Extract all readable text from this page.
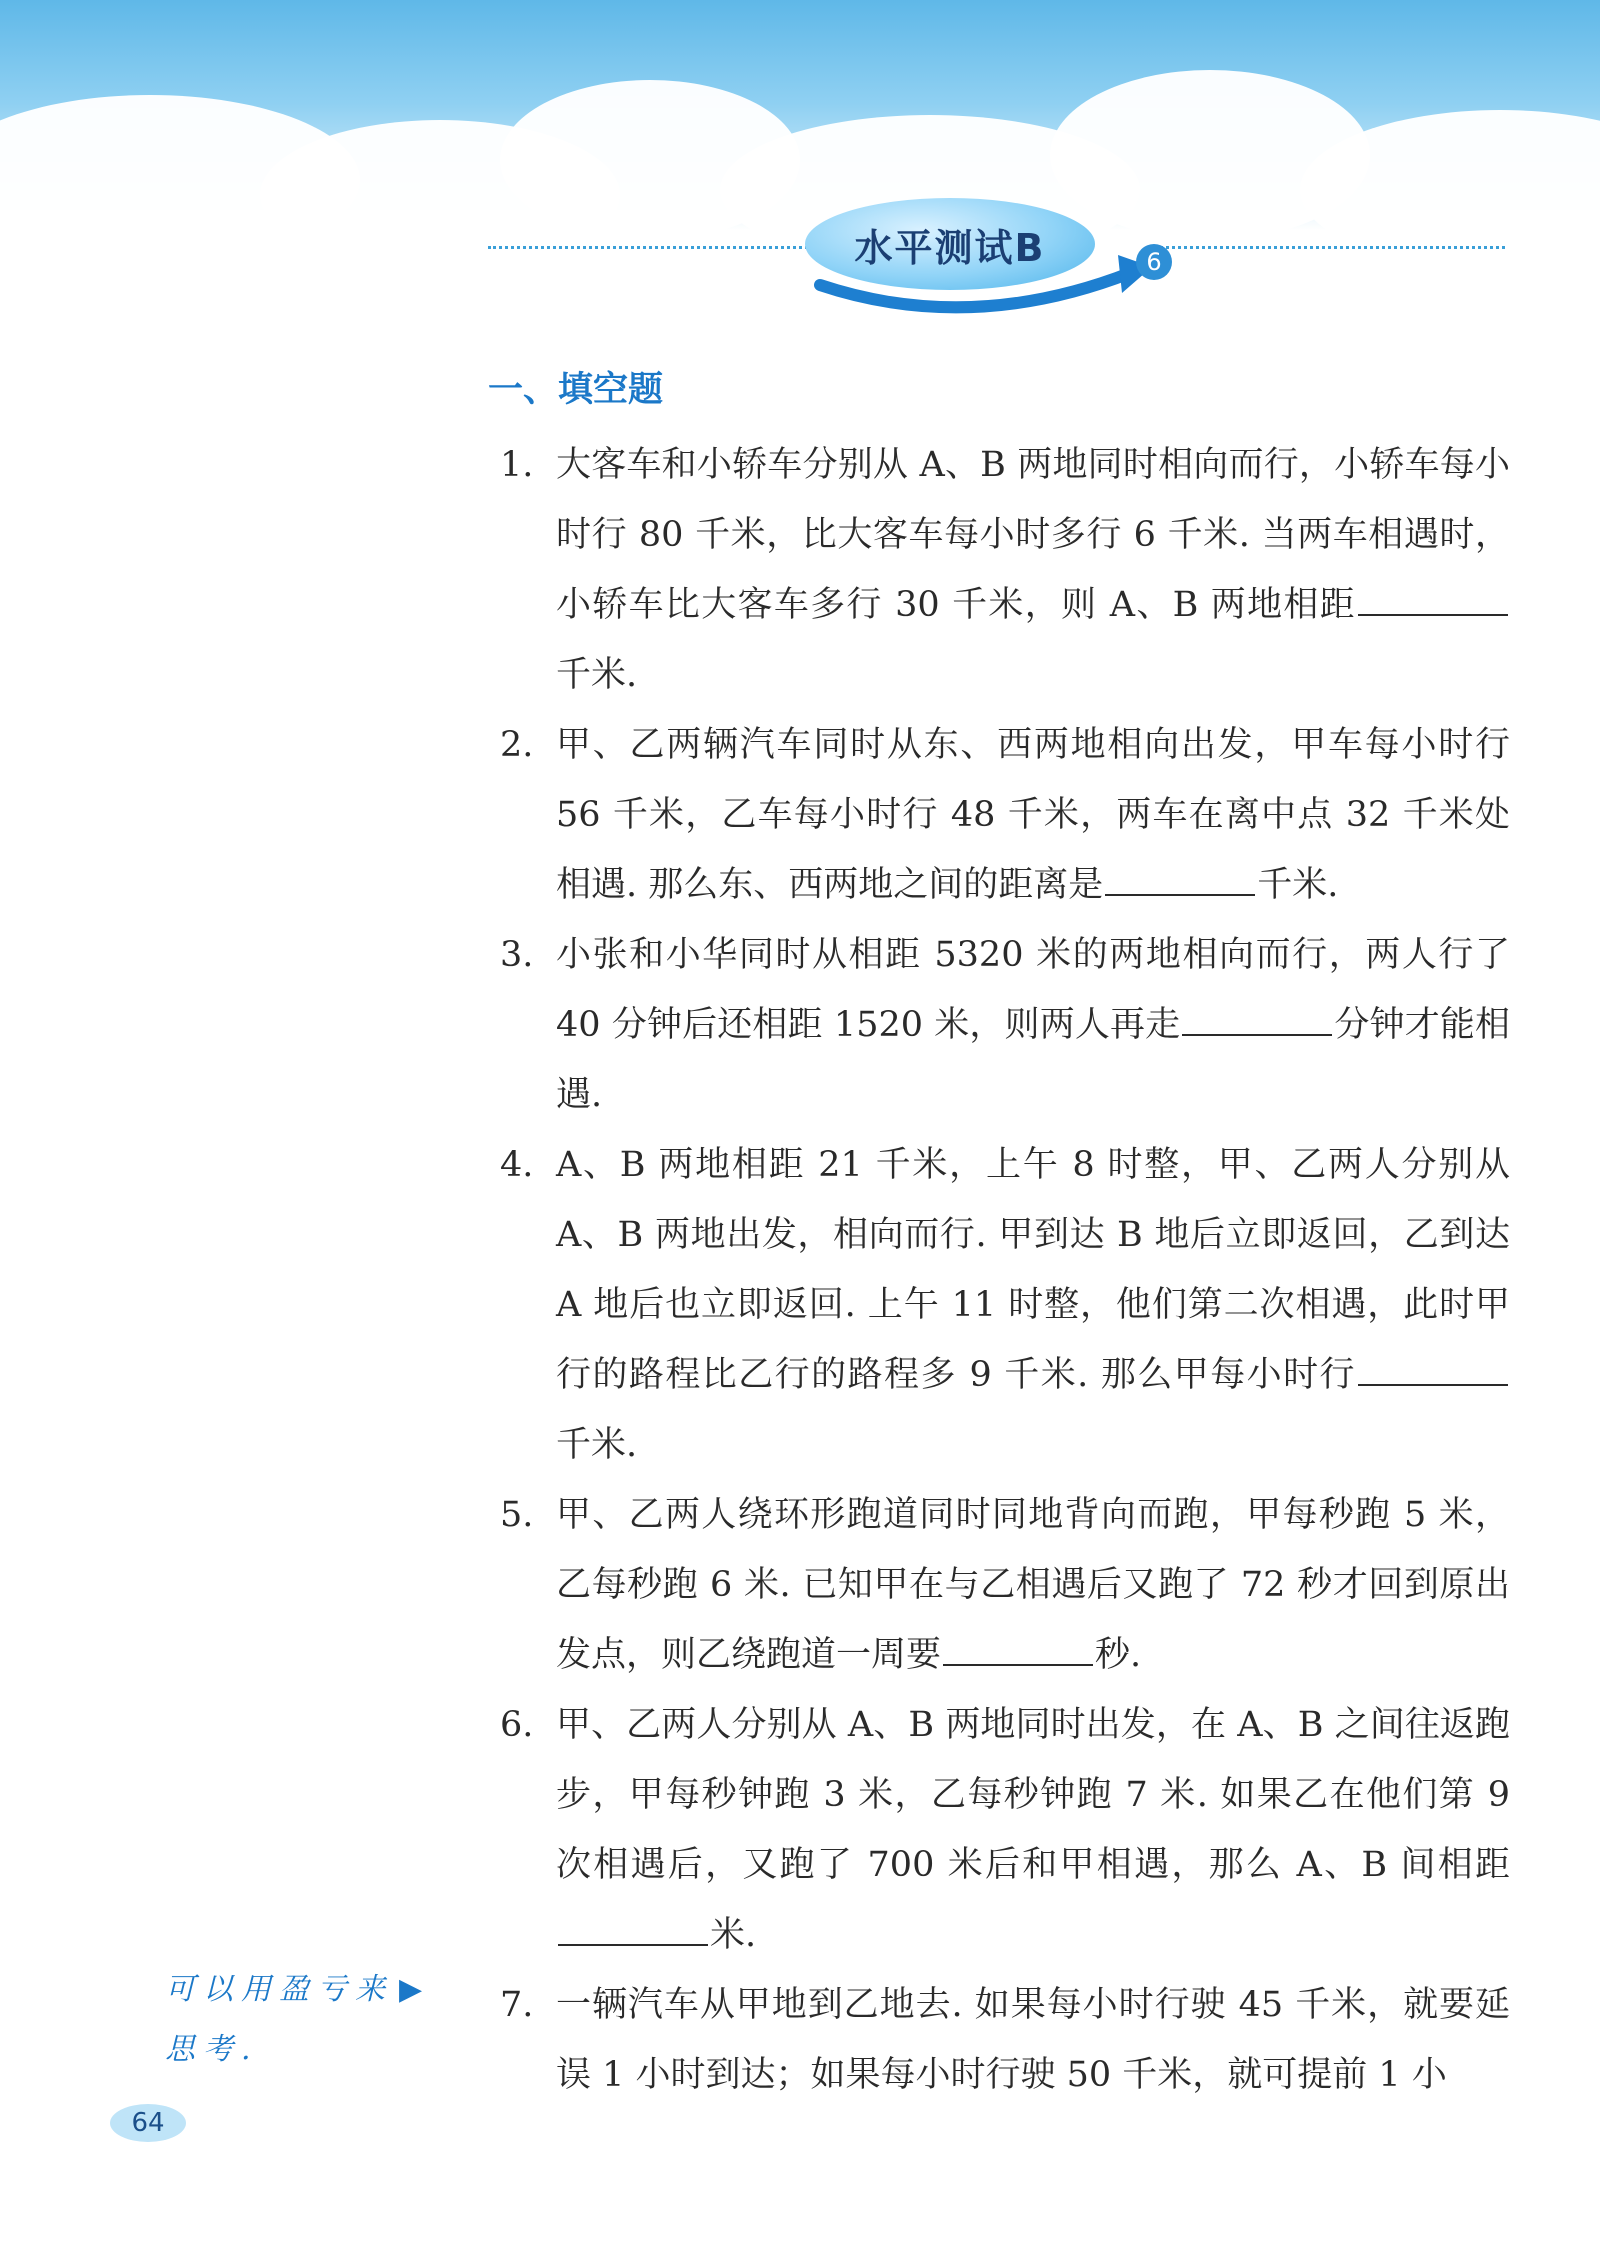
水平测试B	6
一、填空题
1. 大客车和小轿车分别从 A、B 两地同时相向而行，小轿车每小时行 80 千米，比大客车每小时多行 6 千米. 当两车相遇时，小轿车比大客车多行 30 千米，则 A、B 两地相距千米.
2. 甲、乙两辆汽车同时从东、西两地相向出发，甲车每小时行 56 千米，乙车每小时行 48 千米，两车在离中点 32 千米处相遇. 那么东、西两地之间的距离是	千米.
3. 小张和小华同时从相距 5320 米的两地相向而行，两人行了 40 分钟后还相距 1520 米，则两人再走	分钟才能相遇.
4. A、B 两地相距 21 千米，上午 8 时整，甲、乙两人分别从 A、B 两地出发，相向而行. 甲到达 B 地后立即返回，乙到达 A 地后也立即返回. 上午 11 时整，他们第二次相遇，此时甲行的路程比乙行的路程多 9 千米. 那么甲每小时行千米.
5. 甲、乙两人绕环形跑道同时同地背向而跑，甲每秒跑 5 米，乙每秒跑 6 米. 已知甲在与乙相遇后又跑了 72 秒才回到原出发点，则乙绕跑道一周要	秒.
6. 甲、乙两人分别从 A、B 两地同时出发，在 A、B 之间往返跑步，甲每秒钟跑 3 米，乙每秒钟跑 7 米. 如果乙在他们第 9 次相遇后，又跑了 700 米后和甲相遇，那么 A、B 间相距米.
7. 一辆汽车从甲地到乙地去. 如果每小时行驶 45 千米，就要延误 1 小时到达；如果每小时行驶 50 千米，就可提前 1 小
可以用盈亏来 ▶
思考.
64
